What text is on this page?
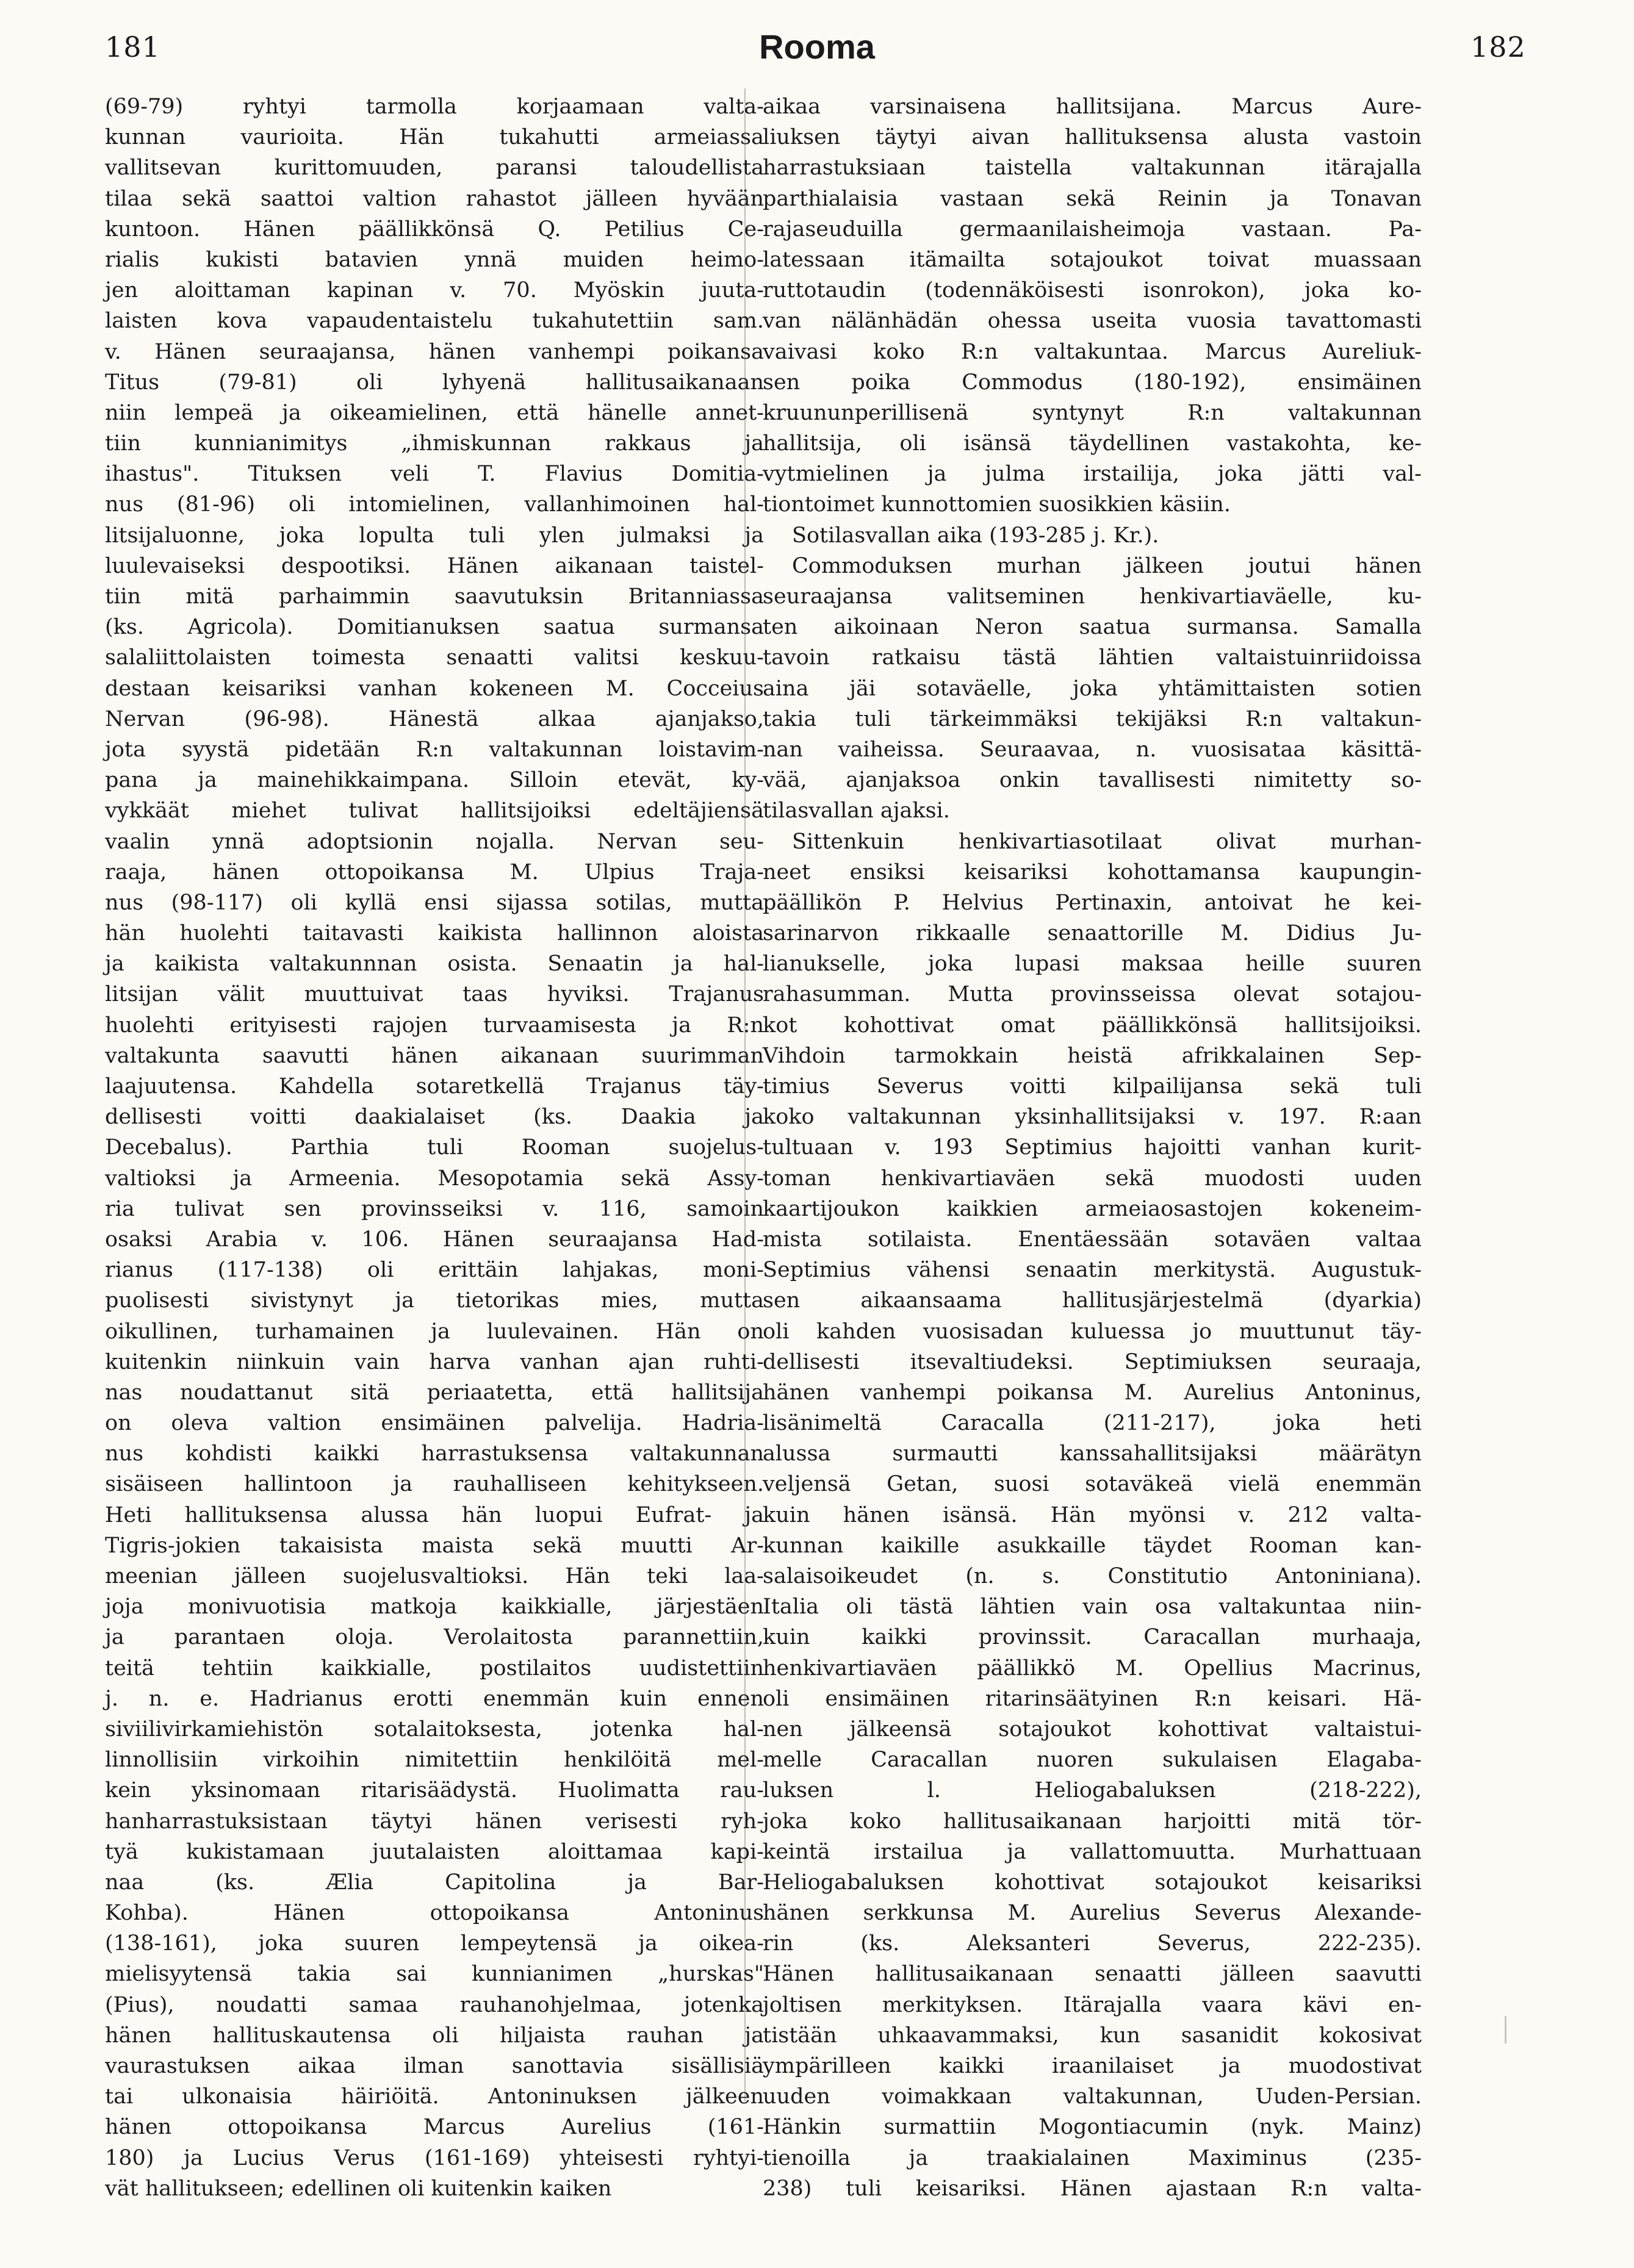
181	Rooma	182

(69-79) ryhtyi tarmolla korjaamaan valta-

kunnan vaurioita. Hän tukahutti armeiassa

vallitsevan kurittomuuden, paransi taloudellista

tilaa sekä saattoi valtion rahastot jälleen hyvään

kuntoon. Hänen päällikkönsä Q. Petilius Ce-

rialis kukisti batavien ynnä muiden heimo-

jen aloittaman kapinan v. 70. Myöskin juuta-

laisten kova vapaudentaistelu tukahutettiin sam.

v. Hänen seuraajansa, hänen vanhempi poikansa

Titus (79-81) oli lyhyenä hallitusaikanaan

niin lempeä ja oikeamielinen, että hänelle annet-

tiin kunnianimitys „ihmiskunnan rakkaus ja

ihastus". Tituksen veli T. Flavius Domitia-

nus (81-96) oli intomielinen, vallanhimoinen hal-

litsijaluonne, joka lopulta tuli ylen julmaksi ja

luulevaiseksi despootiksi. Hänen aikanaan taistel-

tiin mitä parhaimmin saavutuksin Britanniassa

(ks. Agricola). Domitianuksen saatua surmansa

salaliittolaisten toimesta senaatti valitsi keskuu-

destaan keisariksi vanhan kokeneen M. Cocceius

Nervan (96-98). Hänestä alkaa ajanjakso,

jota syystä pidetään R:n valtakunnan loistavim-

pana ja mainehikkaimpana. Silloin etevät, ky-

vykkäät miehet tulivat hallitsijoiksi edeltäjiensä

vaalin ynnä adoptsionin nojalla. Nervan seu-

raaja, hänen ottopoikansa M. Ulpius Traja-

nus (98-117) oli kyllä ensi sijassa sotilas, mutta

hän huolehti taitavasti kaikista hallinnon aloista

ja kaikista valtakunnnan osista. Senaatin ja hal-

litsijan välit muuttuivat taas hyviksi. Trajanus

huolehti erityisesti rajojen turvaamisesta ja R:n

valtakunta saavutti hänen aikanaan suurimman

laajuutensa. Kahdella sotaretkellä Trajanus täy-

dellisesti voitti daakialaiset (ks. Daakia ja

Decebalus). Parthia tuli Rooman suojelus-

valtioksi ja Armeenia. Mesopotamia sekä Assy-

ria tulivat sen provinsseiksi v. 116, samoin

osaksi Arabia v. 106. Hänen seuraajansa Had-

rianus (117-138) oli erittäin lahjakas, moni-

puolisesti sivistynyt ja tietorikas mies, mutta

oikullinen, turhamainen ja luulevainen. Hän on

kuitenkin niinkuin vain harva vanhan ajan ruhti-

nas noudattanut sitä periaatetta, että hallitsija

on oleva valtion ensimäinen palvelija. Hadria-

nus kohdisti kaikki harrastuksensa valtakunnan

sisäiseen hallintoon ja rauhalliseen kehitykseen.

Heti hallituksensa alussa hän luopui Eufrat- ja

Tigris-jokien takaisista maista sekä muutti Ar-

meenian jälleen suojelusvaltioksi. Hän teki laa-

joja monivuotisia matkoja kaikkialle, järjestäen

ja parantaen oloja. Verolaitosta parannettiin,

teitä tehtiin kaikkialle, postilaitos uudistettiin

j. n. e. Hadrianus erotti enemmän kuin ennen

siviilivirkamiehistön sotalaitoksesta, jotenka hal-

linnollisiin virkoihin nimitettiin henkilöitä mel-

kein yksinomaan ritarisäädystä. Huolimatta rau-

hanharrastuksistaan täytyi hänen verisesti ryh-

tyä kukistamaan juutalaisten aloittamaa kapi-

naa (ks. Ælia Capitolina ja Bar-

Kohba). Hänen ottopoikansa Antoninus

(138-161), joka suuren lempeytensä ja oikea-

mielisyytensä takia sai kunnianimen „hurskas"

(Pius), noudatti samaa rauhanohjelmaa, jotenka

hänen hallituskautensa oli hiljaista rauhan ja

vaurastuksen aikaa ilman sanottavia sisällisiä

tai ulkonaisia häiriöitä. Antoninuksen jälkeen

hänen ottopoikansa Marcus Aurelius (161-

180) ja Lucius Verus (161-169) yhteisesti ryhtyi-

vät hallitukseen; edellinen oli kuitenkin kaiken

aikaa varsinaisena hallitsijana. Marcus Aure-

liuksen täytyi aivan hallituksensa alusta vastoin

harrastuksiaan taistella valtakunnan itärajalla

parthialaisia vastaan sekä Reinin ja Tonavan

rajaseuduilla germaanilaisheimoja vastaan. Pa-

latessaan itämailta sotajoukot toivat muassaan

ruttotaudin (todennäköisesti isonrokon), joka ko-

van nälänhädän ohessa useita vuosia tavattomasti

vaivasi koko R:n valtakuntaa. Marcus Aureliuk-

sen poika Commodus (180-192), ensimäinen

kruununperillisenä syntynyt R:n valtakunnan

hallitsija, oli isänsä täydellinen vastakohta, ke-

vytmielinen ja julma irstailija, joka jätti val-

tiontoimet kunnottomien suosikkien käsiin.

Sotilasvallan aika (193-285 j. Kr.).

Commoduksen murhan jälkeen joutui hänen

seuraajansa valitseminen henkivartiaväelle, ku-

ten aikoinaan Neron saatua surmansa. Samalla

tavoin ratkaisu tästä lähtien valtaistuinriidoissa

aina jäi sotaväelle, joka yhtämittaisten sotien

takia tuli tärkeimmäksi tekijäksi R:n valtakun-

nan vaiheissa. Seuraavaa, n. vuosisataa käsittä-

vää, ajanjaksoa onkin tavallisesti nimitetty so-

tilasvallan ajaksi.

Sittenkuin henkivartiasotilaat olivat murhan-

neet ensiksi keisariksi kohottamansa kaupungin-

päällikön P. Helvius Pertinaxin, antoivat he kei-

sarinarvon rikkaalle senaattorille M. Didius Ju-

lianukselle, joka lupasi maksaa heille suuren

rahasumman. Mutta provinsseissa olevat sotajou-

kot kohottivat omat päällikkönsä hallitsijoiksi.

Vihdoin tarmokkain heistä afrikkalainen Sep-

timius Severus voitti kilpailijansa sekä tuli

koko valtakunnan yksinhallitsijaksi v. 197. R:aan

tultuaan v. 193 Septimius hajoitti vanhan kurit-

toman henkivartiaväen sekä muodosti uuden

kaartijoukon kaikkien armeiaosastojen kokeneim-

mista sotilaista. Enentäessään sotaväen valtaa

Septimius vähensi senaatin merkitystä. Augustuk-

sen aikaansaama hallitusjärjestelmä (dyarkia)

oli kahden vuosisadan kuluessa jo muuttunut täy-

dellisesti itsevaltiudeksi. Septimiuksen seuraaja,

hänen vanhempi poikansa M. Aurelius Antoninus,

lisänimeltä Caracalla (211-217), joka heti

alussa surmautti kanssahallitsijaksi määrätyn

veljensä Getan, suosi sotaväkeä vielä enemmän

kuin hänen isänsä. Hän myönsi v. 212 valta-

kunnan kaikille asukkaille täydet Rooman kan-

salaisoikeudet (n. s. Constitutio Antoniniana).

Italia oli tästä lähtien vain osa valtakuntaa niin-

kuin kaikki provinssit. Caracallan murhaaja,

henkivartiaväen päällikkö M. Opellius Macrinus,

oli ensimäinen ritarinsäätyinen R:n keisari. Hä-

nen jälkeensä sotajoukot kohottivat valtaistui-

melle Caracallan nuoren sukulaisen Elagaba-

luksen l. Heliogabaluksen (218-222),

joka koko hallitusaikanaan harjoitti mitä tör-

keintä irstailua ja vallattomuutta. Murhattuaan

Heliogabaluksen kohottivat sotajoukot keisariksi

hänen serkkunsa M. Aurelius Severus Alexande-

rin (ks. Aleksanteri Severus, 222-235).

Hänen hallitusaikanaan senaatti jälleen saavutti

joltisen merkityksen. Itärajalla vaara kävi en-

tistään uhkaavammaksi, kun sasanidit kokosivat

ympärilleen kaikki iraanilaiset ja muodostivat

uuden voimakkaan valtakunnan, Uuden-Persian.

Hänkin surmattiin Mogontiacumin (nyk. Mainz)

tienoilla ja traakialainen Maximinus (235-

238) tuli keisariksi. Hänen ajastaan R:n valta-
